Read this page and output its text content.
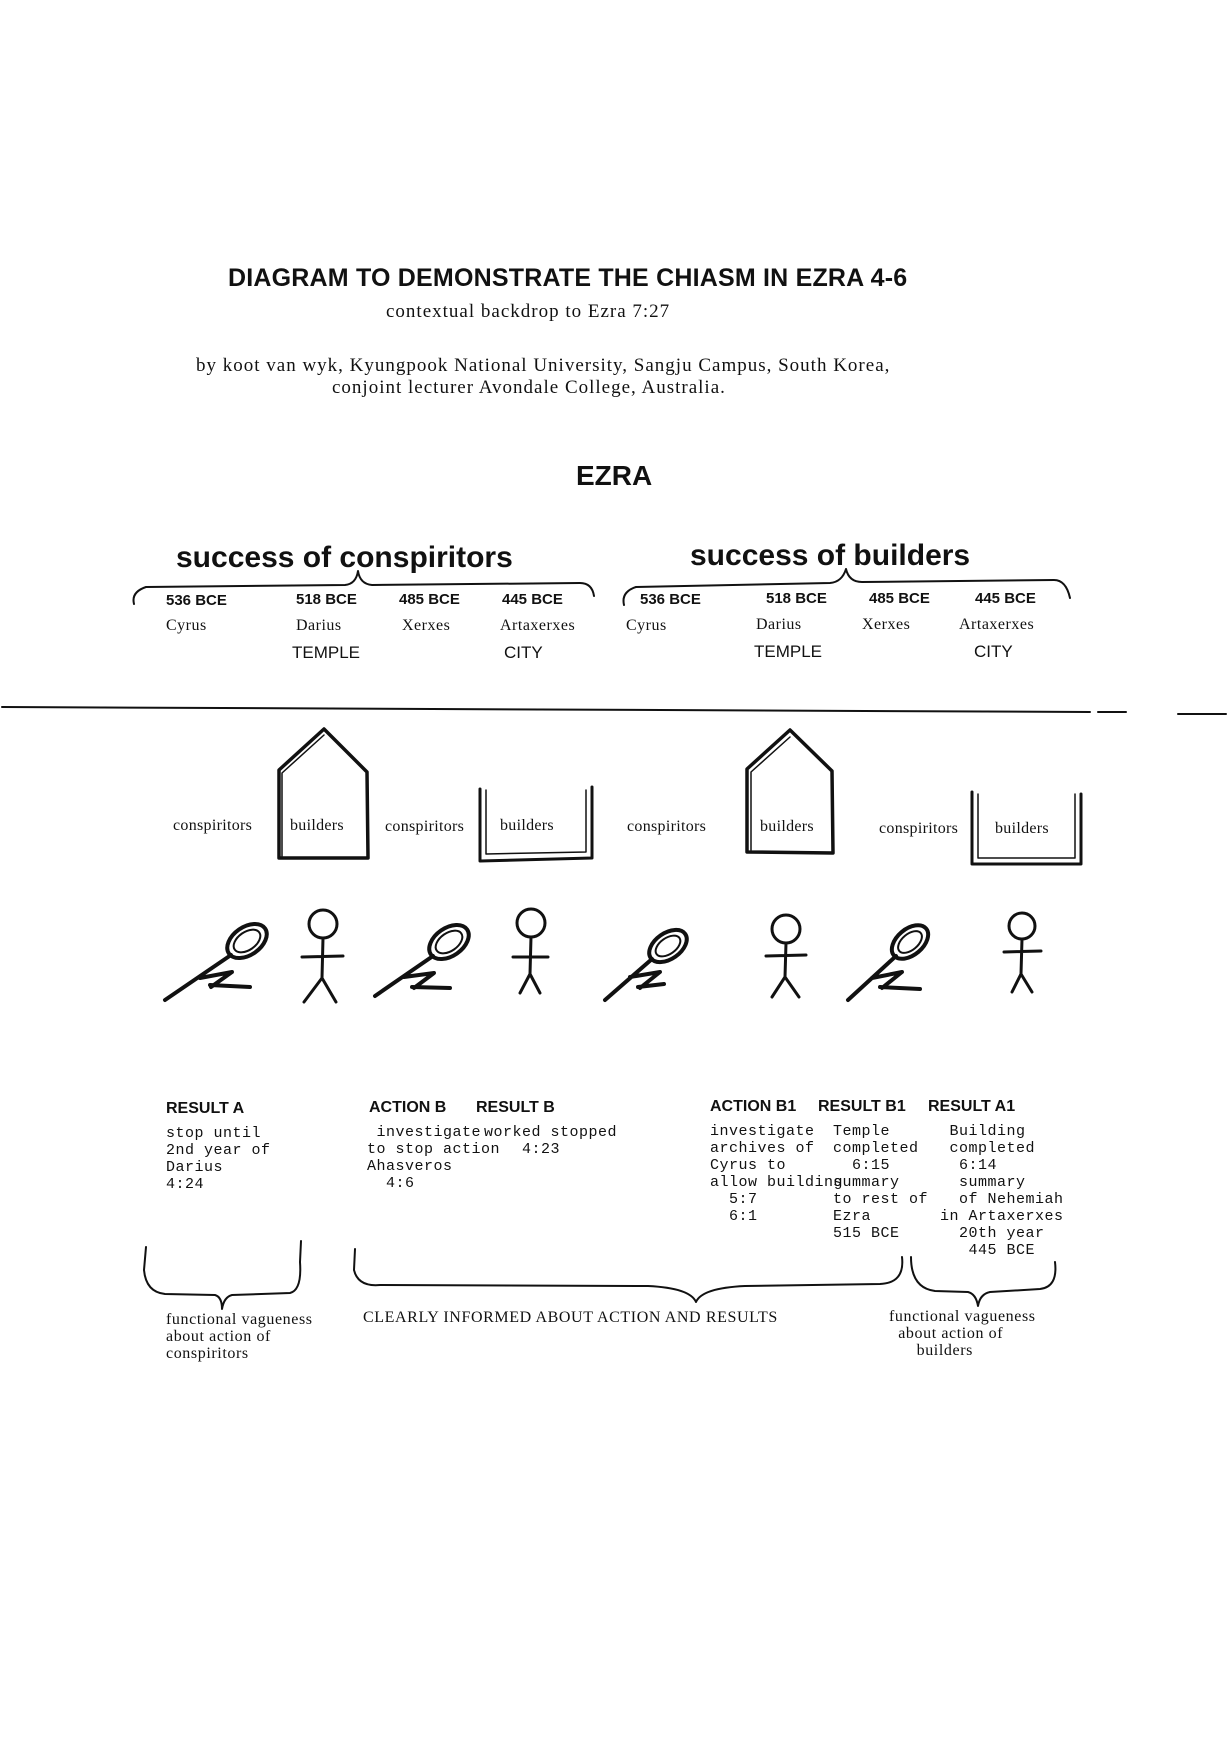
DIAGRAM TO DEMONSTRATE THE CHIASM IN EZRA 4-6
contextual backdrop to Ezra 7:27
by koot van wyk, Kyungpook National University, Sangju Campus, South Korea,
conjoint lecturer Avondale College, Australia.
EZRA
success of conspiritors	success of builders
536 BCE	518 BCE	485 BCE	445 BCE
Cyrus	Darius	Xerxes	Artaxerxes
TEMPLE	CITY
536 BCE	518 BCE	485 BCE	445 BCE
Cyrus	Darius	Xerxes	Artaxerxes
TEMPLE	CITY
conspiritors builders	conspiritors builders	conspiritors	builders	conspiritors builders
RESULT A
stop until
2nd year of
Darius
4:24
ACTION B
investigate
to stop action
Ahasveros
4:6
RESULT B
worked stopped
4:23
ACTION B1
investigate
archives of
Cyrus to
allow building
5:7
6:1
RESULT B1
Temple
completed
6:15
summary
to rest of
Ezra
515 BCE
RESULT A1
Building
completed
6:14
summary
of Nehemiah
in Artaxerxes
20th year
445 BCE
functional vagueness
about action of
conspiritors
CLEARLY INFORMED ABOUT ACTION AND RESULTS	functional vagueness
about action of
builders
